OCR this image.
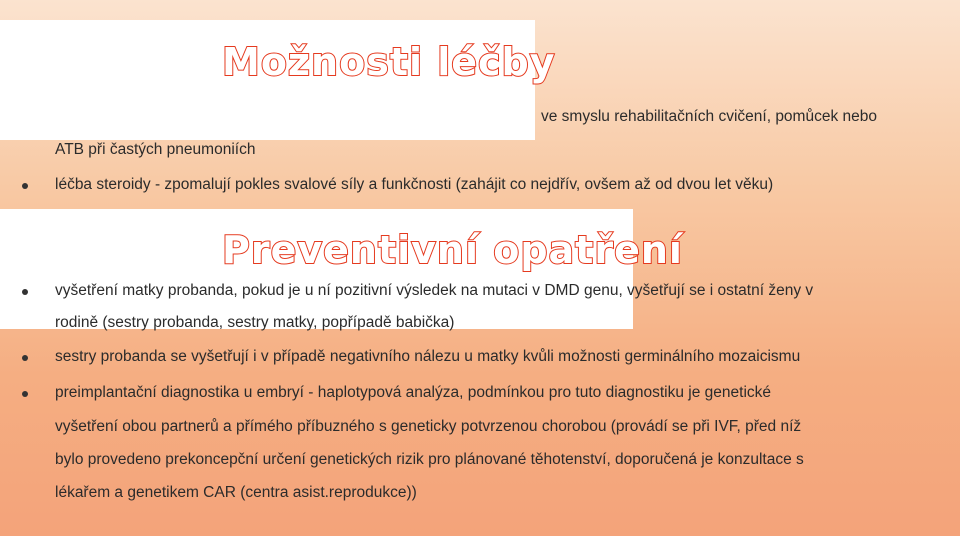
Možnosti léčby
Preventivní opatření
ve smyslu rehabilitačních cvičení, pomůcek nebo
ATB při častých pneumoniích
léčba steroidy - zpomalují pokles svalové síly a funkčnosti (zahájit co nejdřív, ovšem až od dvou let věku)
vyšetření matky probanda, pokud je u ní pozitivní výsledek na mutaci v DMD genu, vyšetřují se i ostatní ženy v
rodině (sestry probanda, sestry matky, popřípadě babička)
sestry probanda se vyšetřují i v případě negativního nálezu u matky kvůli možnosti germinálního mozaicismu
preimplantační diagnostika u embryí - haplotypová analýza, podmínkou pro tuto diagnostiku je genetické
vyšetření obou partnerů a přímého příbuzného s geneticky potvrzenou chorobou (provádí se při IVF, před níž
bylo provedeno prekoncepční určení genetických rizik pro plánované těhotenství, doporučená je konzultace s
lékařem a genetikem CAR (centra asist.reprodukce))
